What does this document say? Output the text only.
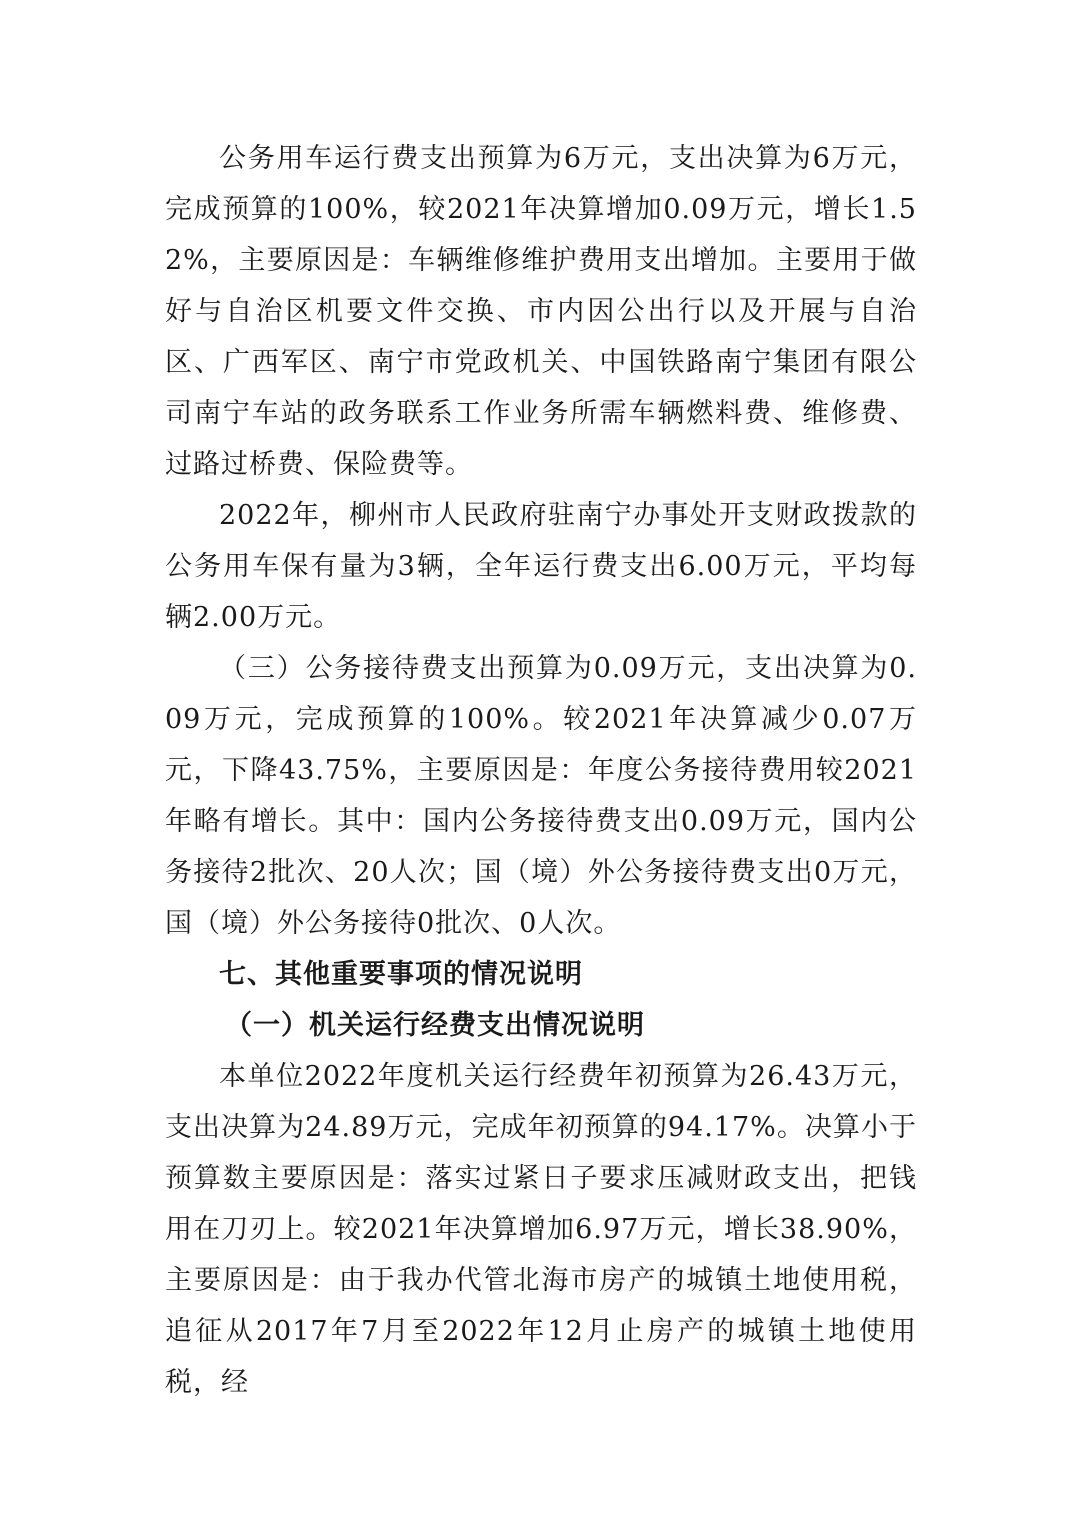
公务用车运行费支出预算为6万元，支出决算为6万元，完成预算的100%，较2021年决算增加0.09万元，增长1.52%，主要原因是：车辆维修维护费用支出增加。主要用于做好与自治区机要文件交换、市内因公出行以及开展与自治区、广西军区、南宁市党政机关、中国铁路南宁集团有限公司南宁车站的政务联系工作业务所需车辆燃料费、维修费、过路过桥费、保险费等。

2022年，柳州市人民政府驻南宁办事处开支财政拨款的公务用车保有量为3辆，全年运行费支出6.00万元，平均每辆2.00万元。

（三）公务接待费支出预算为0.09万元，支出决算为0.09万元，完成预算的100%。较2021年决算减少0.07万元，下降43.75%，主要原因是：年度公务接待费用较2021年略有增长。其中：国内公务接待费支出0.09万元，国内公务接待2批次、20人次；国（境）外公务接待费支出0万元，国（境）外公务接待0批次、0人次。

七、其他重要事项的情况说明

（一）机关运行经费支出情况说明

本单位2022年度机关运行经费年初预算为26.43万元，支出决算为24.89万元，完成年初预算的94.17%。决算小于预算数主要原因是：落实过紧日子要求压减财政支出，把钱用在刀刃上。较2021年决算增加6.97万元，增长38.90%，主要原因是：由于我办代管北海市房产的城镇土地使用税，追征从2017年7月至2022年12月止房产的城镇土地使用税，经
